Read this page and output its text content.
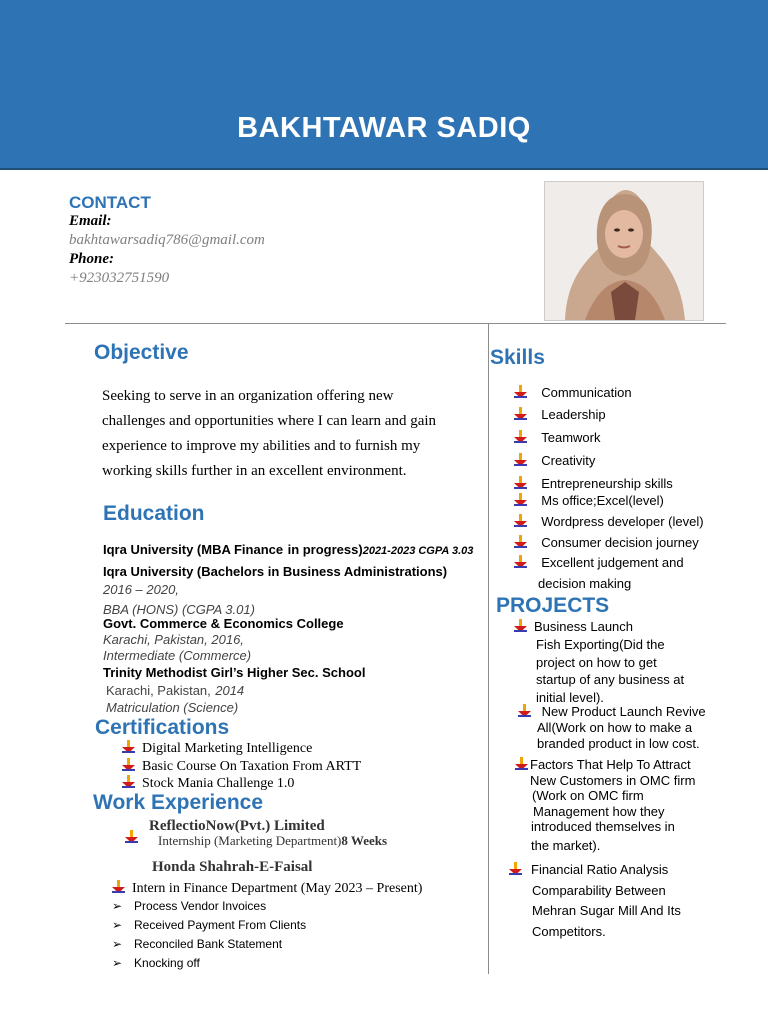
BAKHTAWAR SADIQ
CONTACT
Email:
bakhtawarsadiq786@gmail.com
Phone:
+923032751590
Objective
Seeking to serve in an organization offering new
challenges and opportunities where I can learn and gain
experience to improve my abilities and to furnish my
working skills further in an excellent environment.
Education
Iqra University (MBA Finance in progress)2021-2023 CGPA 3.03
Iqra University (Bachelors in Business Administrations)
2016 – 2020,
BBA (HONS) (CGPA 3.01)
Govt. Commerce & Economics College
Karachi, Pakistan, 2016,
Intermediate (Commerce)
Trinity Methodist Girl’s Higher Sec. School
Karachi, Pakistan, 2014
Matriculation (Science)
Certifications
Digital Marketing Intelligence
Basic Course On Taxation From ARTT
Stock Mania Challenge 1.0
Work Experience
ReflectioNow(Pvt.) Limited
Internship (Marketing Department)8 Weeks
Honda Shahrah-E-Faisal
Intern in Finance Department (May 2023 – Present)
➢ Process Vendor Invoices
➢ Received Payment From Clients
➢ Reconciled Bank Statement
➢ Knocking off
Skills
Communication
Leadership
Teamwork
Creativity
Entrepreneurship skills
Ms office;Excel(level)
Wordpress developer (level)
Consumer decision journey
Excellent judgement and
decision making
PROJECTS
Business Launch
Fish Exporting(Did the
project on how to get
startup of any business at
initial level).
New Product Launch Revive
All(Work on how to make a
branded product in low cost.
Factors That Help To Attract
New Customers in OMC firm
(Work on OMC firm
Management how they
introduced themselves in
the market).
Financial Ratio Analysis
Comparability Between
Mehran Sugar Mill And Its
Competitors.
